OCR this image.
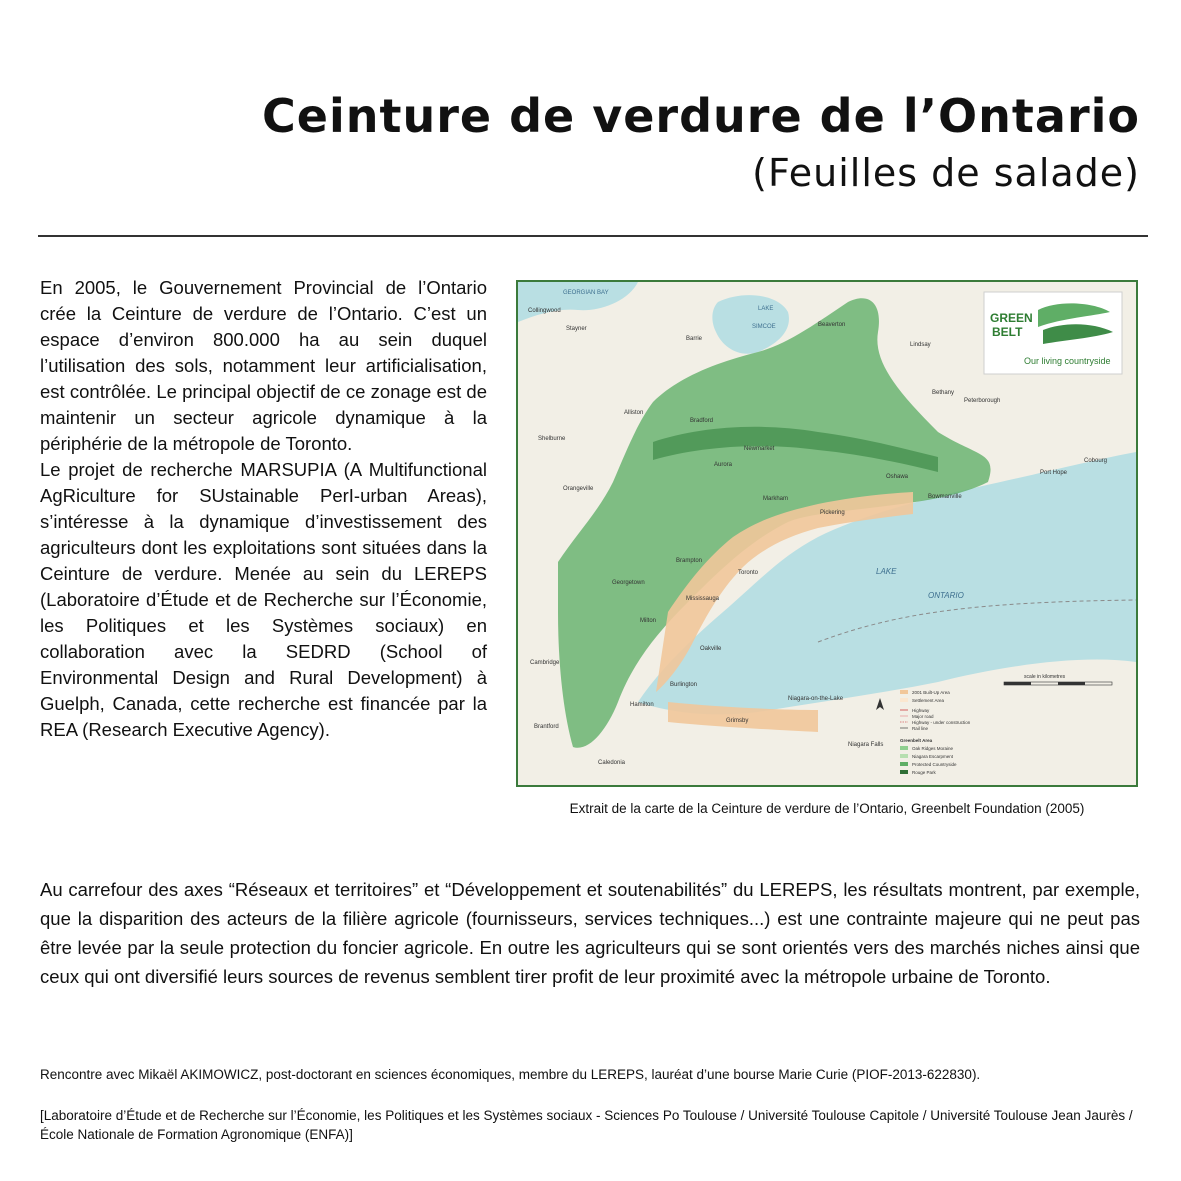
Ceinture de verdure de l’Ontario
(Feuilles de salade)

En 2005, le Gouvernement Provincial de l’Ontario crée la Ceinture de verdure de l’Ontario. C’est un espace d’environ 800.000 ha au sein duquel l’utilisation des sols, notamment leur artificialisation, est contrôlée. Le principal objectif de ce zonage est de maintenir un secteur agricole dynamique à la périphérie de la métropole de Toronto.

Le projet de recherche MARSUPIA (A Multifunctional AgRiculture for SUstainable PerI-urban Areas), s’intéresse à la dynamique d’investissement des agriculteurs dont les exploitations sont situées dans la Ceinture de verdure. Menée au sein du LEREPS (Laboratoire d’Étude et de Recherche sur l’Économie, les Politiques et les Systèmes sociaux) en collaboration avec la SEDRD (School of Environmental Design and Rural Development) à Guelph, Canada, cette recherche est financée par la REA (Research Executive Agency).

GREEN
BELT
Our living countryside
GEORGIAN BAY
LAKE
SIMCOE
LAKE
ONTARIO
Collingwood
Stayner
Barrie
Beaverton
Lindsay
Alliston
Bradford
Shelburne
Newmarket
Aurora
Peterborough
Bethany
Orangeville
Cobourg
Port Hope
Oshawa
Bowmanville
Markham
Pickering
Brampton
Toronto
Georgetown
Mississauga
Milton
Oakville
Cambridge
Burlington
Hamilton
Grimsby
Niagara-on-the-Lake
Brantford
Caledonia
Niagara Falls
2001 Built-Up Area
Settlement Area
Highway
Major road
Highway - under construction
Rail line
Greenbelt Area
Oak Ridges Moraine
Niagara Escarpment
Protected Countryside
Rouge Park
scale in kilometres
Extrait de la carte de la Ceinture de verdure de l’Ontario, Greenbelt Foundation (2005)

Au carrefour des axes “Réseaux et territoires” et “Développement et soutenabilités” du LEREPS, les résultats montrent, par exemple, que la disparition des acteurs de la filière agricole (fournisseurs, services techniques...) est une contrainte majeure qui ne peut pas être levée par la seule protection du foncier agricole. En outre les agriculteurs qui se sont orientés vers des marchés niches ainsi que ceux qui ont diversifié leurs sources de revenus semblent tirer profit de leur proximité avec la métropole urbaine de Toronto.

Rencontre avec Mikaël AKIMOWICZ, post-doctorant en sciences économiques, membre du LEREPS, lauréat d’une bourse Marie Curie (PIOF-2013-622830).
[Laboratoire d’Étude et de Recherche sur l’Économie, les Politiques et les Systèmes sociaux - Sciences Po Toulouse / Université Toulouse Capitole / Université Toulouse Jean Jaurès / École Nationale de Formation Agronomique (ENFA)]
